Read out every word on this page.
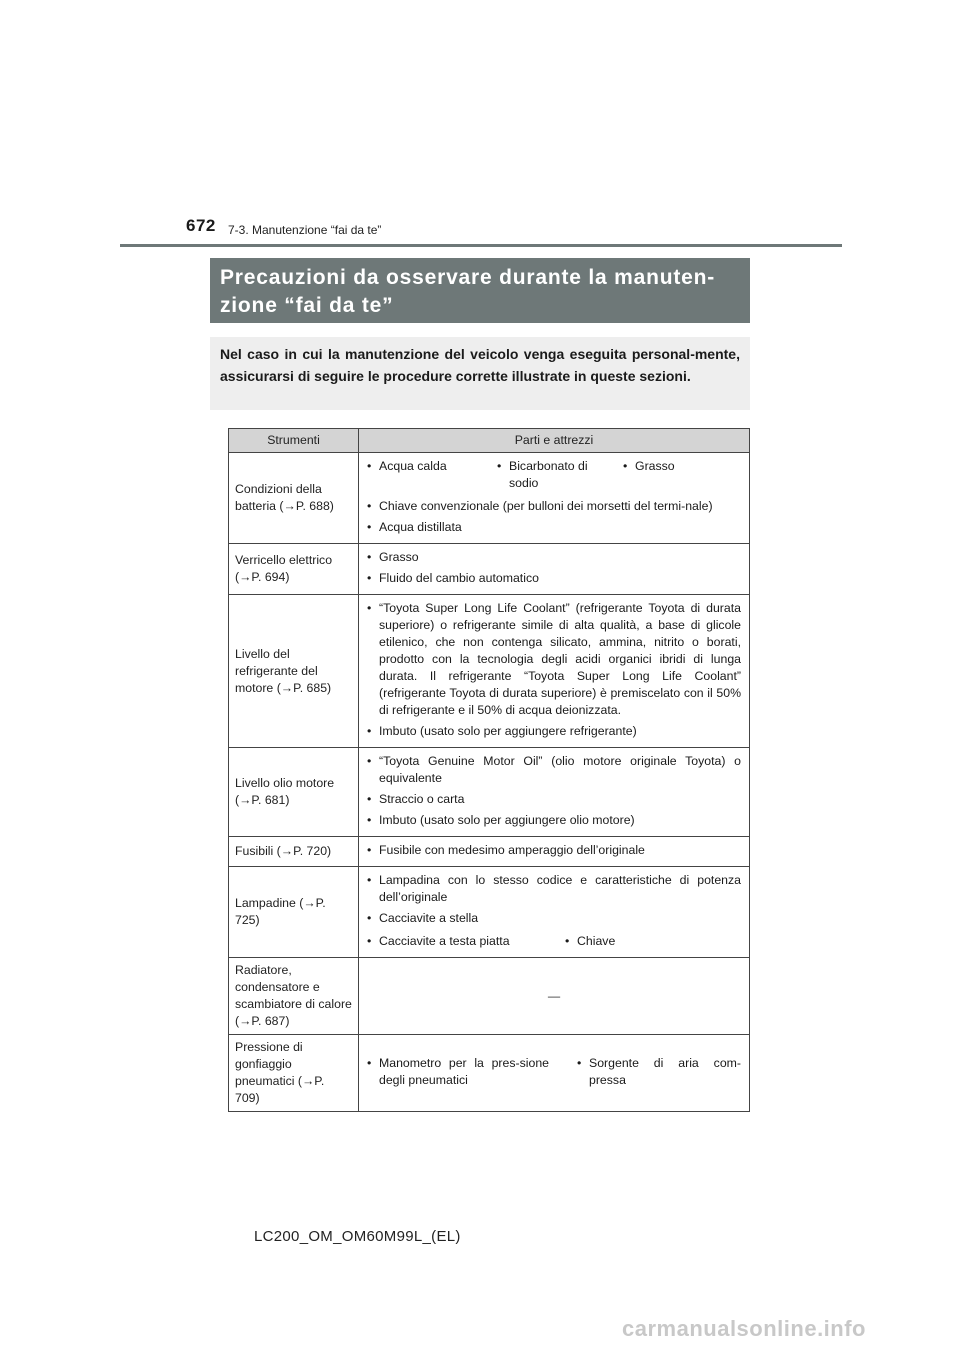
672 7-3. Manutenzione “fai da te”
Precauzioni da osservare durante la manuten-
zione “fai da te”
Nel caso in cui la manutenzione del veicolo venga eseguita personal-mente, assicurarsi di seguire le procedure corrette illustrate in queste sezioni.
Strumenti	Parti e attrezzi
Condizioni della batteria (→P. 688)	• Acqua calda • Bicarbonato di sodio
• Grasso
• Chiave convenzionale (per bulloni dei morsetti del termi-nale)
• Acqua distillata

Verricello elettrico (→P. 694)	• Grasso
• Fluido del cambio automatico

Livello del refrigerante del motore (→P. 685)	• “Toyota Super Long Life Coolant” (refrigerante Toyota di durata superiore) o refrigerante simile di alta qualità, a base di glicole etilenico, che non contenga silicato, ammina, nitrito o borati, prodotto con la tecnologia degli acidi organici ibridi di lunga durata. Il refrigerante “Toyota Super Long Life Coolant” (refrigerante Toyota di durata superiore) è premiscelato con il 50% di refrigerante e il 50% di acqua deionizzata.
• Imbuto (usato solo per aggiungere refrigerante)

Livello olio motore (→P. 681)	• “Toyota Genuine Motor Oil” (olio motore originale Toyota) o equivalente
• Straccio o carta
• Imbuto (usato solo per aggiungere olio motore)

Fusibili (→P. 720)	• Fusibile con medesimo amperaggio dell’originale

Lampadine (→P. 725)	• Lampadina con lo stesso codice e caratteristiche di potenza dell’originale
• Cacciavite a stella
• Cacciavite a testa piatta • Chiave

Radiatore, condensatore e scambiatore di calore (→P. 687)	—
Pressione di gonfiaggio pneumatici (→P. 709)	• Manometro per la pres-sione degli pneumatici
• Sorgente di aria com-pressa
LC200_OM_OM60M99L_(EL)
carmanualsonline.info
